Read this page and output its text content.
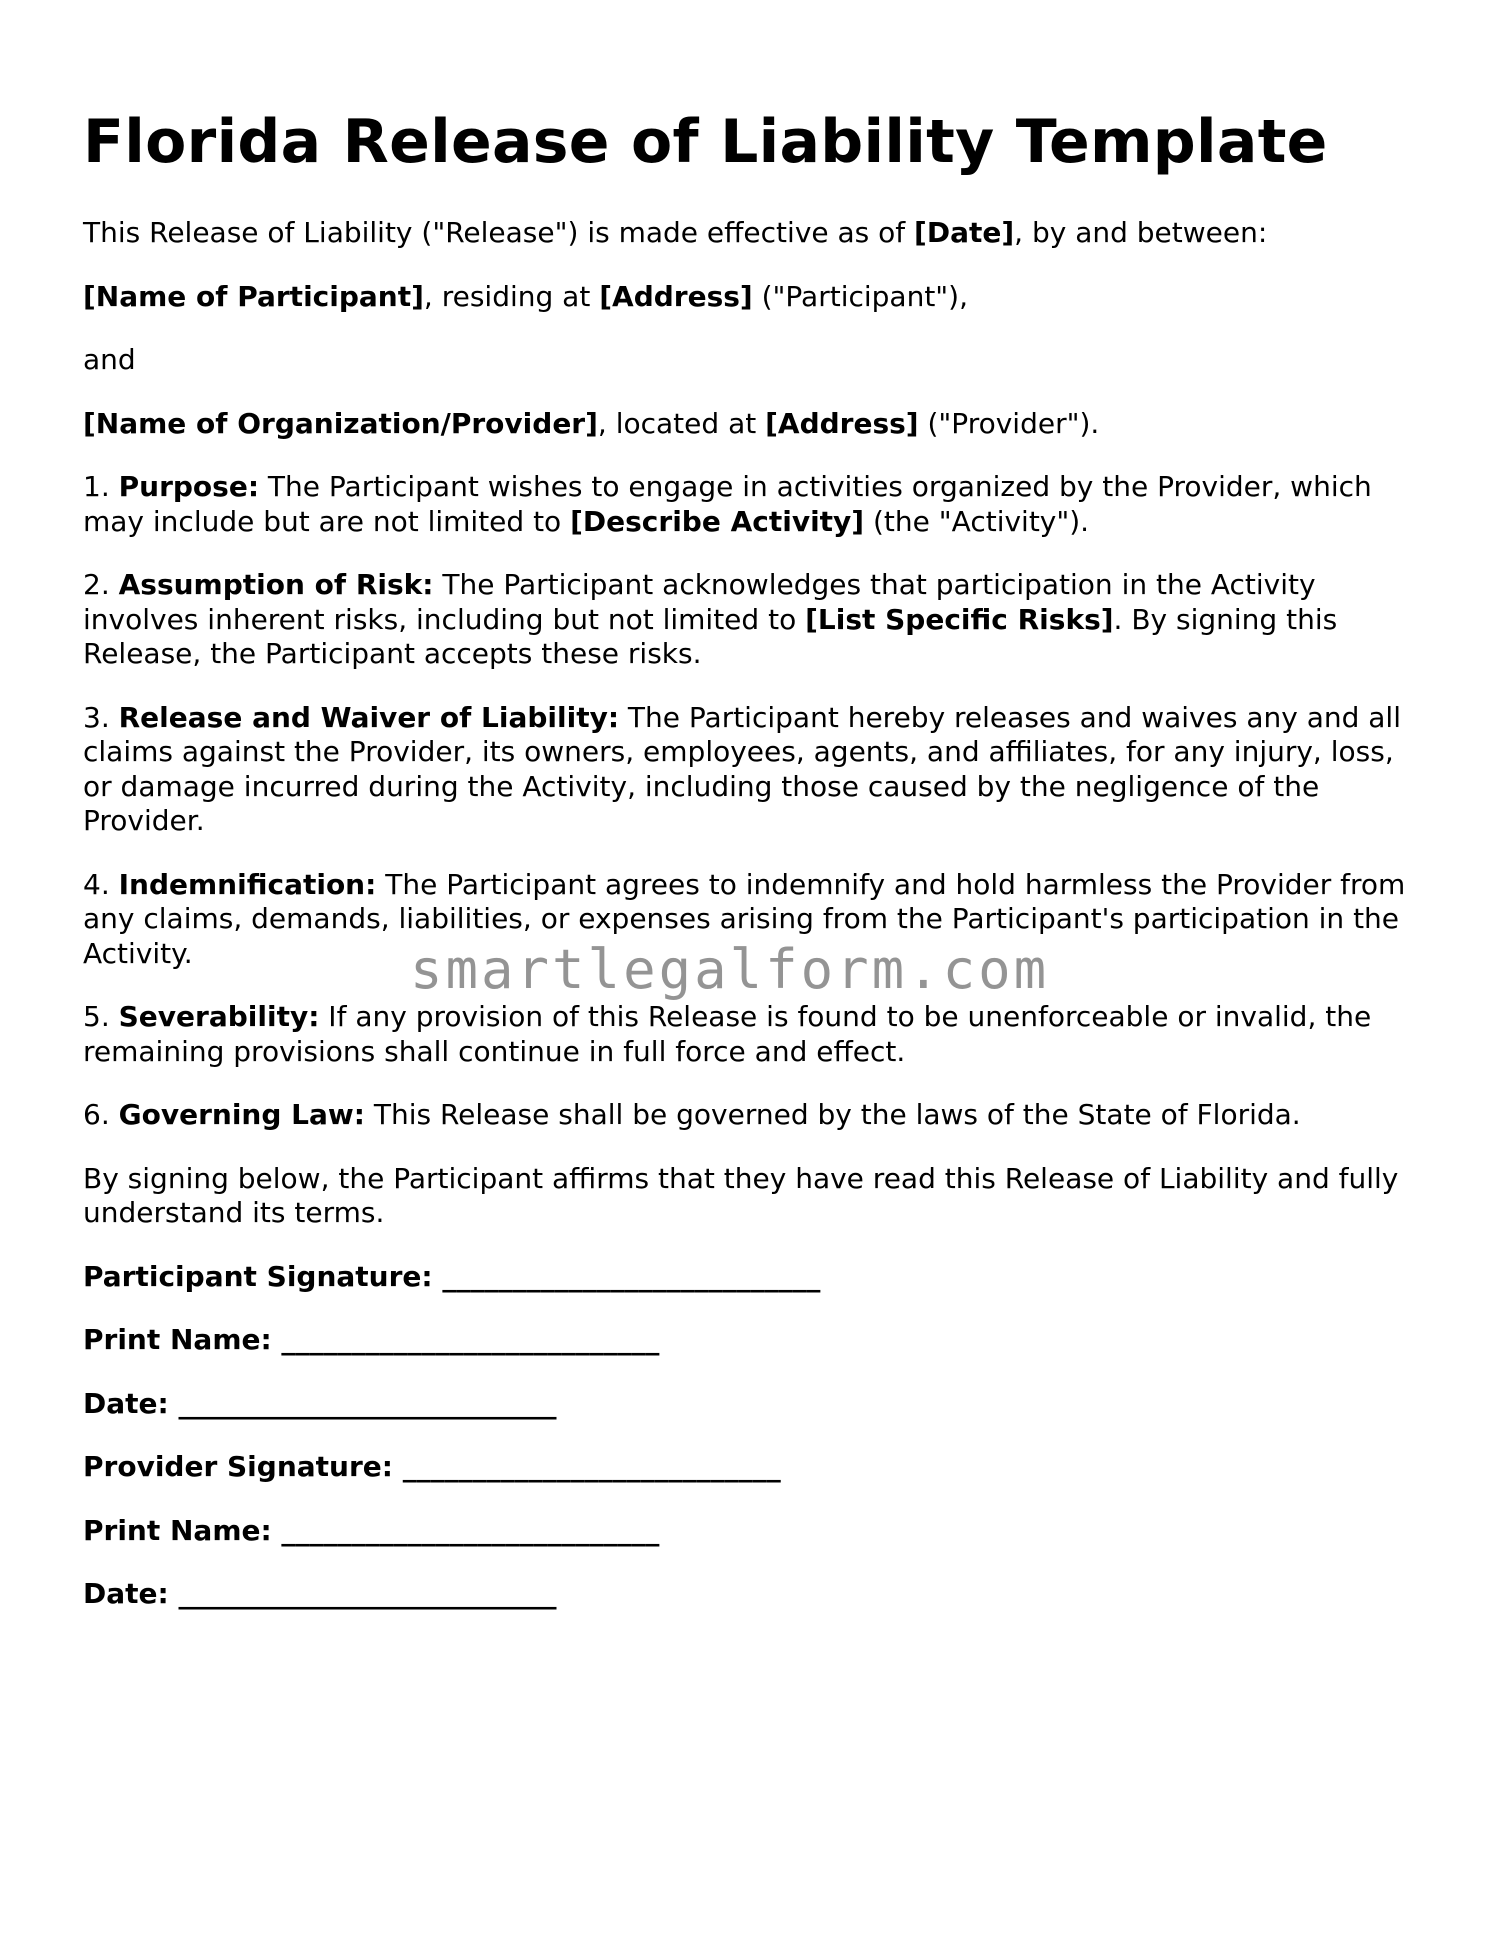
Florida Release of Liability Template

This Release of Liability ("Release") is made effective as of [Date], by and between:

[Name of Participant], residing at [Address] ("Participant"),

and

[Name of Organization/Provider], located at [Address] ("Provider").

1. Purpose: The Participant wishes to engage in activities organized by the Provider, which may include but are not limited to [Describe Activity] (the "Activity").

2. Assumption of Risk: The Participant acknowledges that participation in the Activity involves inherent risks, including but not limited to [List Specific Risks]. By signing this Release, the Participant accepts these risks.

3. Release and Waiver of Liability: The Participant hereby releases and waives any and all claims against the Provider, its owners, employees, agents, and affiliates, for any injury, loss, or damage incurred during the Activity, including those caused by the negligence of the Provider.

4. Indemnification: The Participant agrees to indemnify and hold harmless the Provider from any claims, demands, liabilities, or expenses arising from the Participant's participation in the Activity.

5. Severability: If any provision of this Release is found to be unenforceable or invalid, the remaining provisions shall continue in full force and effect.

6. Governing Law: This Release shall be governed by the laws of the State of Florida.

By signing below, the Participant affirms that they have read this Release of Liability and fully understand its terms.

Participant Signature: ___________________________
Print Name: ___________________________
Date: ___________________________
Provider Signature: ___________________________
Print Name: ___________________________
Date: ___________________________
smartlegalform.com
